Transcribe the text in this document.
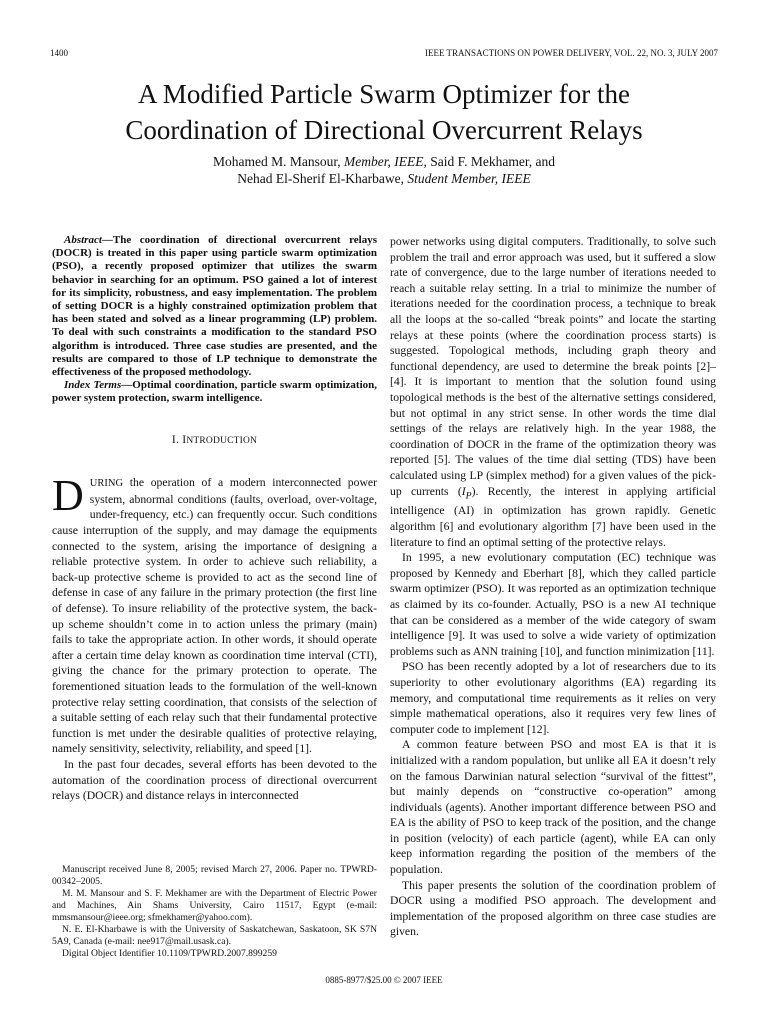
1400	IEEE TRANSACTIONS ON POWER DELIVERY, VOL. 22, NO. 3, JULY 2007
A Modified Particle Swarm Optimizer for the
Coordination of Directional Overcurrent Relays
Mohamed M. Mansour, Member, IEEE, Said F. Mekhamer, and
Nehad El-Sherif El-Kharbawe, Student Member, IEEE

Abstract—The coordination of directional overcurrent relays (DOCR) is treated in this paper using particle swarm optimization (PSO), a recently proposed optimizer that utilizes the swarm behavior in searching for an optimum. PSO gained a lot of interest for its simplicity, robustness, and easy implementation. The problem of setting DOCR is a highly constrained optimization problem that has been stated and solved as a linear programming (LP) problem. To deal with such constraints a modification to the standard PSO algorithm is introduced. Three case studies are presented, and the results are compared to those of LP technique to demonstrate the effectiveness of the proposed methodology.

Index Terms—Optimal coordination, particle swarm optimization, power system protection, swarm intelligence.

I. INTRODUCTION

DURING the operation of a modern interconnected power system, abnormal conditions (faults, overload, over-voltage, under-frequency, etc.) can frequently occur. Such conditions cause interruption of the supply, and may damage the equipments connected to the system, arising the importance of designing a reliable protective system. In order to achieve such reliability, a back-up protective scheme is provided to act as the second line of defense in case of any failure in the primary protection (the first line of defense). To insure reliability of the protective system, the back-up scheme shouldn’t come in to action unless the primary (main) fails to take the appropriate action. In other words, it should operate after a certain time delay known as coordination time interval (CTI), giving the chance for the primary protection to operate. The forementioned situation leads to the formulation of the well-known protective relay setting coordination, that consists of the selection of a suitable setting of each relay such that their fundamental protective function is met under the desirable qualities of protective relaying, namely sensitivity, selectivity, reliability, and speed [1].

In the past four decades, several efforts has been devoted to the automation of the coordination process of directional overcurrent relays (DOCR) and distance relays in interconnected

Manuscript received June 8, 2005; revised March 27, 2006. Paper no. TPWRD-00342–2005.

M. M. Mansour and S. F. Mekhamer are with the Department of Electric Power and Machines, Ain Shams University, Cairo 11517, Egypt (e-mail: mmsmansour@ieee.org; sfmekhamer@yahoo.com).

N. E. El-Kharbawe is with the University of Saskatchewan, Saskatoon, SK S7N 5A9, Canada (e-mail: nee917@mail.usask.ca).

Digital Object Identifier 10.1109/TPWRD.2007.899259

power networks using digital computers. Traditionally, to solve such problem the trail and error approach was used, but it suffered a slow rate of convergence, due to the large number of iterations needed to reach a suitable relay setting. In a trial to minimize the number of iterations needed for the coordination process, a technique to break all the loops at the so-called “break points” and locate the starting relays at these points (where the coordination process starts) is suggested. Topological methods, including graph theory and functional dependency, are used to determine the break points [2]–[4]. It is important to mention that the solution found using topological methods is the best of the alternative settings considered, but not optimal in any strict sense. In other words the time dial settings of the relays are relatively high. In the year 1988, the coordination of DOCR in the frame of the optimization theory was reported [5]. The values of the time dial setting (TDS) have been calculated using LP (simplex method) for a given values of the pick-up currents $(I_P)$. Recently, the interest in applying artificial intelligence (AI) in optimization has grown rapidly. Genetic algorithm [6] and evolutionary algorithm [7] have been used in the literature to find an optimal setting of the protective relays.

In 1995, a new evolutionary computation (EC) technique was proposed by Kennedy and Eberhart [8], which they called particle swarm optimizer (PSO). It was reported as an optimization technique as claimed by its co-founder. Actually, PSO is a new AI technique that can be considered as a member of the wide category of swam intelligence [9]. It was used to solve a wide variety of optimization problems such as ANN training [10], and function minimization [11].

PSO has been recently adopted by a lot of researchers due to its superiority to other evolutionary algorithms (EA) regarding its memory, and computational time requirements as it relies on very simple mathematical operations, also it requires very few lines of computer code to implement [12].

A common feature between PSO and most EA is that it is initialized with a random population, but unlike all EA it doesn’t rely on the famous Darwinian natural selection “survival of the fittest”, but mainly depends on “constructive co-operation” among individuals (agents). Another important difference between PSO and EA is the ability of PSO to keep track of the position, and the change in position (velocity) of each particle (agent), while EA can only keep information regarding the position of the members of the population.

This paper presents the solution of the coordination problem of DOCR using a modified PSO approach. The development and implementation of the proposed algorithm on three case studies are given.

0885-8977/$25.00 © 2007 IEEE
